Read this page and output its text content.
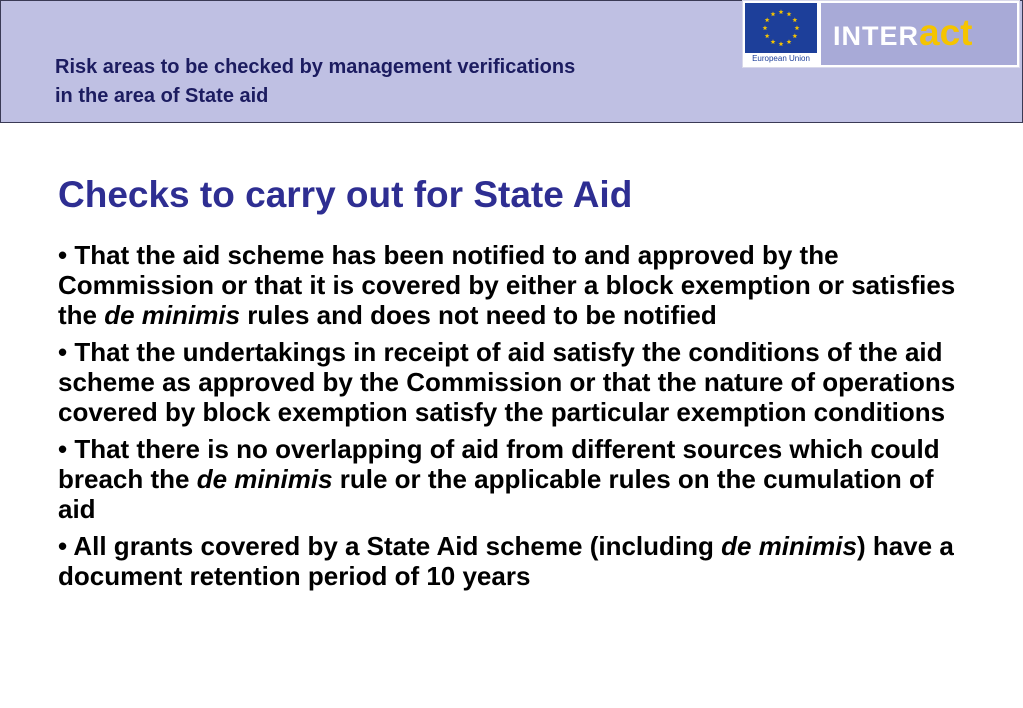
Risk areas to be checked by management verifications
in the area of State aid
European Union
INTERact
Checks to carry out for State Aid
• That the aid scheme has been notified to and approved by the Commission or that it is covered by either a block exemption or satisfies the de minimis rules and does not need to be notified
• That the undertakings in receipt of aid satisfy the conditions of the aid scheme as approved by the Commission or that the nature of operations covered by block exemption satisfy the particular exemption conditions
• That there is no overlapping of aid from different sources which could breach the de minimis rule or the applicable rules on the cumulation of aid
• All grants covered by a State Aid scheme (including de minimis) have a document retention period of 10 years
